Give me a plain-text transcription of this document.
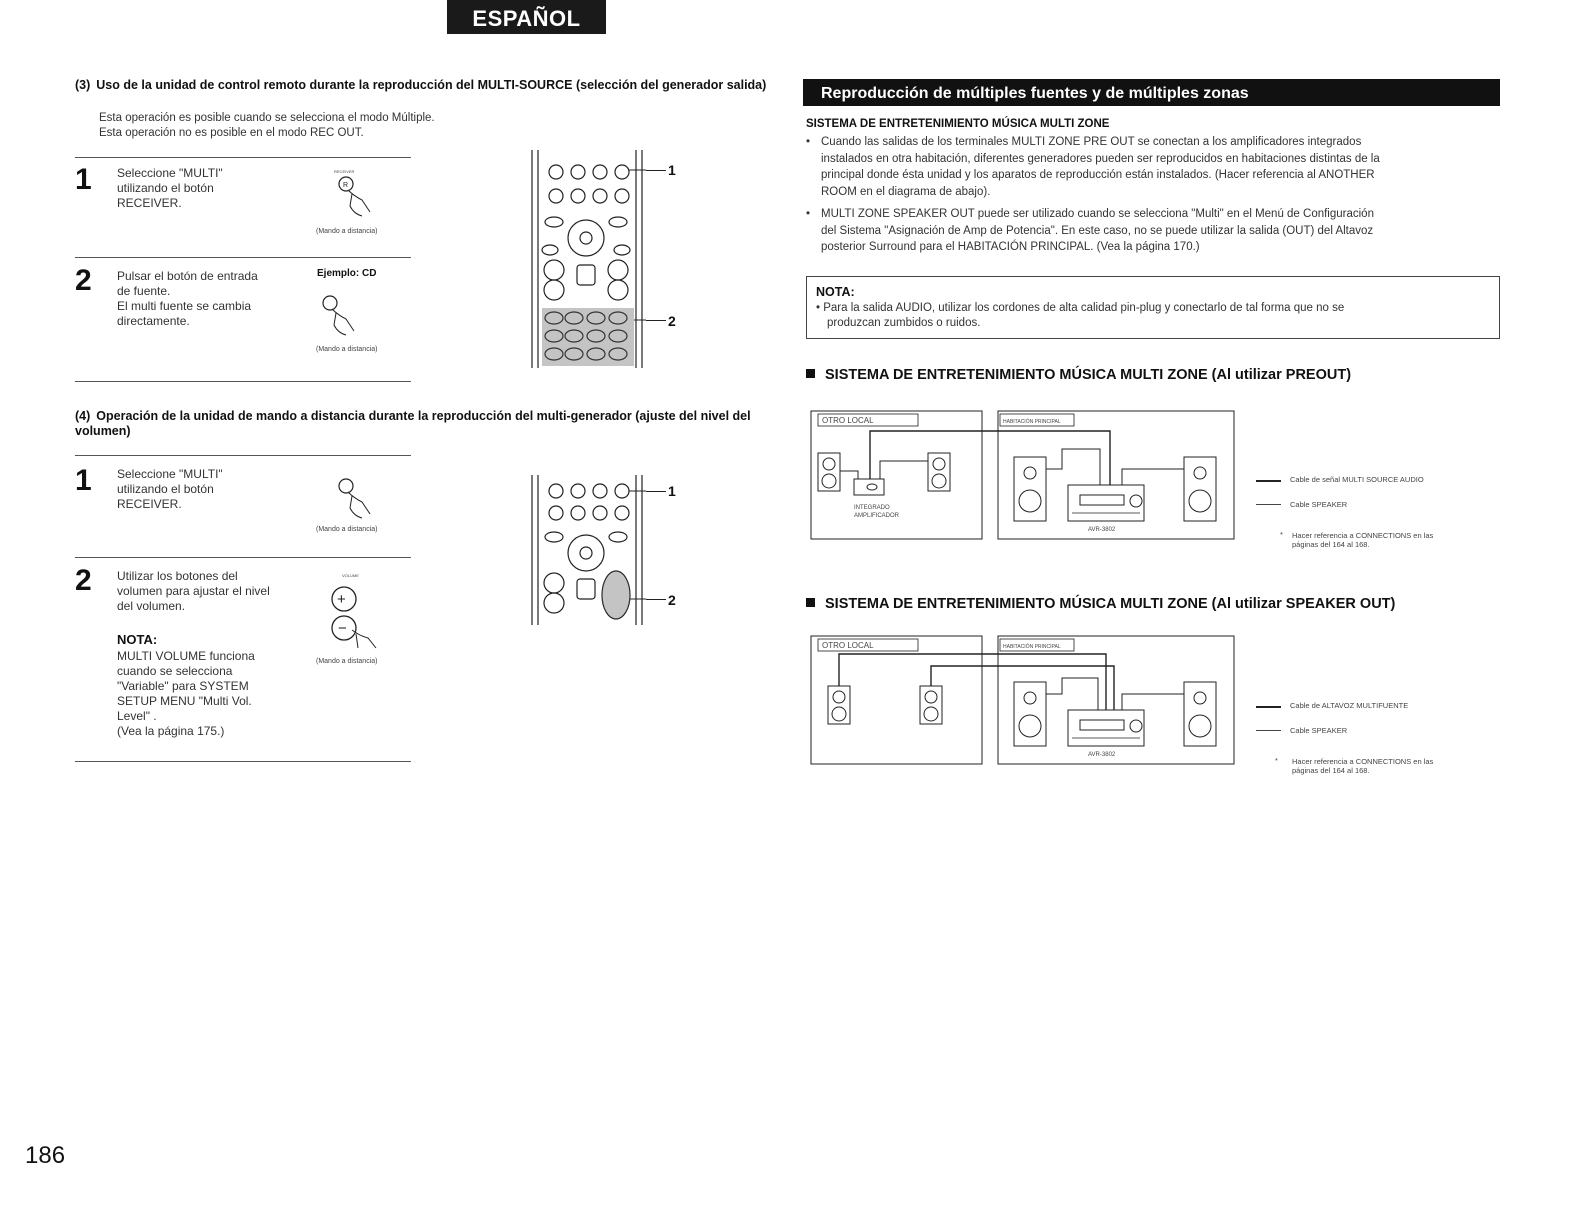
ESPAÑOL
(3) Uso de la unidad de control remoto durante la reproducción del MULTI-SOURCE (selección del generador salida)
Esta operación es posible cuando se selecciona el modo Múltiple.
Esta operación no es posible en el modo REC OUT.
1 Seleccione "MULTI"
utilizando el botón
RECEIVER.
RECEIVER
R
(Mando a distancia)
2 Pulsar el botón de entrada
de fuente.
El multi fuente se cambia
directamente.
Ejemplo: CD
(Mando a distancia)
1
2
(4) Operación de la unidad de mando a distancia durante la reproducción del multi-generador (ajuste del nivel del volumen)
1 Seleccione "MULTI"
utilizando el botón
RECEIVER.
(Mando a distancia)
2 Utilizar los botones del
volumen para ajustar el nivel
del volumen.
NOTA:
MULTI VOLUME funciona
cuando se selecciona
"Variable" para SYSTEM
SETUP MENU "Multi Vol.
Level" .
(Vea la página 175.)
VOLUME
+
−
(Mando a distancia)
1
2
Reproducción de múltiples fuentes y de múltiples zonas
SISTEMA DE ENTRETENIMIENTO MÚSICA MULTI ZONE
• Cuando las salidas de los terminales MULTI ZONE PRE OUT se conectan a los amplificadores integrados
instalados en otra habitación, diferentes generadores pueden ser reproducidos en habitaciones distintas de la
principal donde ésta unidad y los aparatos de reproducción están instalados. (Hacer referencia al ANOTHER
ROOM en el diagrama de abajo).
• MULTI ZONE SPEAKER OUT puede ser utilizado cuando se selecciona "Multi" en el Menú de Configuración
del Sistema "Asignación de Amp de Potencia". En este caso, no se puede utilizar la salida (OUT) del Altavoz
posterior Surround para el HABITACIÓN PRINCIPAL. (Vea la página 170.)
NOTA:
• Para la salida AUDIO, utilizar los cordones de alta calidad pin-plug y conectarlo de tal forma que no se
produzcan zumbidos o ruidos.
SISTEMA DE ENTRETENIMIENTO MÚSICA MULTI ZONE (Al utilizar PREOUT)
OTRO LOCAL
INTEGRADO
AMPLIFICADOR
HABITACIÓN PRINCIPAL
AVR-3802
Cable de señal MULTI SOURCE AUDIO
Cable SPEAKER
* Hacer referencia a CONNECTIONS en las
páginas del 164 al 168.
SISTEMA DE ENTRETENIMIENTO MÚSICA MULTI ZONE (Al utilizar SPEAKER OUT)
OTRO LOCAL	HABITACIÓN PRINCIPAL
AVR-3802
Cable de ALTAVOZ MULTIFUENTE
Cable SPEAKER
* Hacer referencia a CONNECTIONS en las
páginas del 164 al 168.
186
